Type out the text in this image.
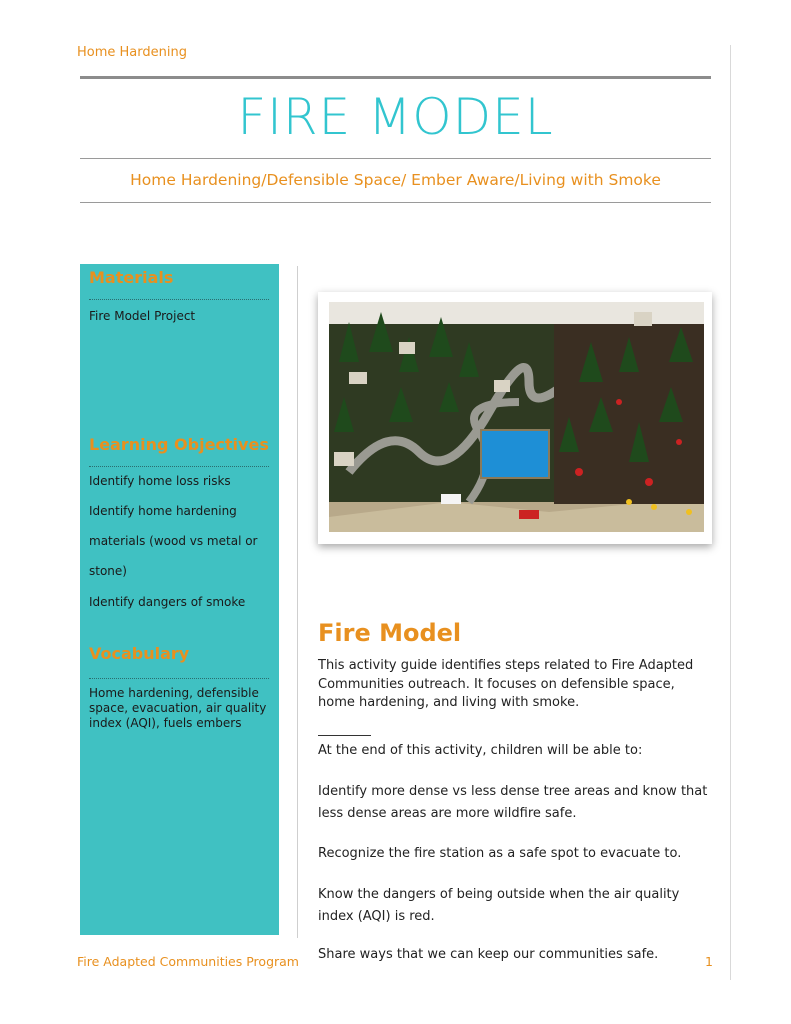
Home Hardening
FIRE MODEL
Home Hardening/Defensible Space/ Ember Aware/Living with Smoke
Materials
Fire Model Project
Learning Objectives
Identify home loss risks
Identify home hardening
materials (wood vs metal or
stone)
Identify dangers of smoke
Vocabulary
Home hardening, defensible space, evacuation, air quality index (AQI), fuels embers
Fire Model
This activity guide identifies steps related to Fire Adapted Communities outreach. It focuses on defensible space, home hardening, and living with smoke.
At the end of this activity, children will be able to:
Identify more dense vs less dense tree areas and know that less dense areas are more wildfire safe.
Recognize the fire station as a safe spot to evacuate to.
Know the dangers of being outside when the air quality index (AQI) is red.
Share ways that we can keep our communities safe.
Fire Adapted Communities Program	1
